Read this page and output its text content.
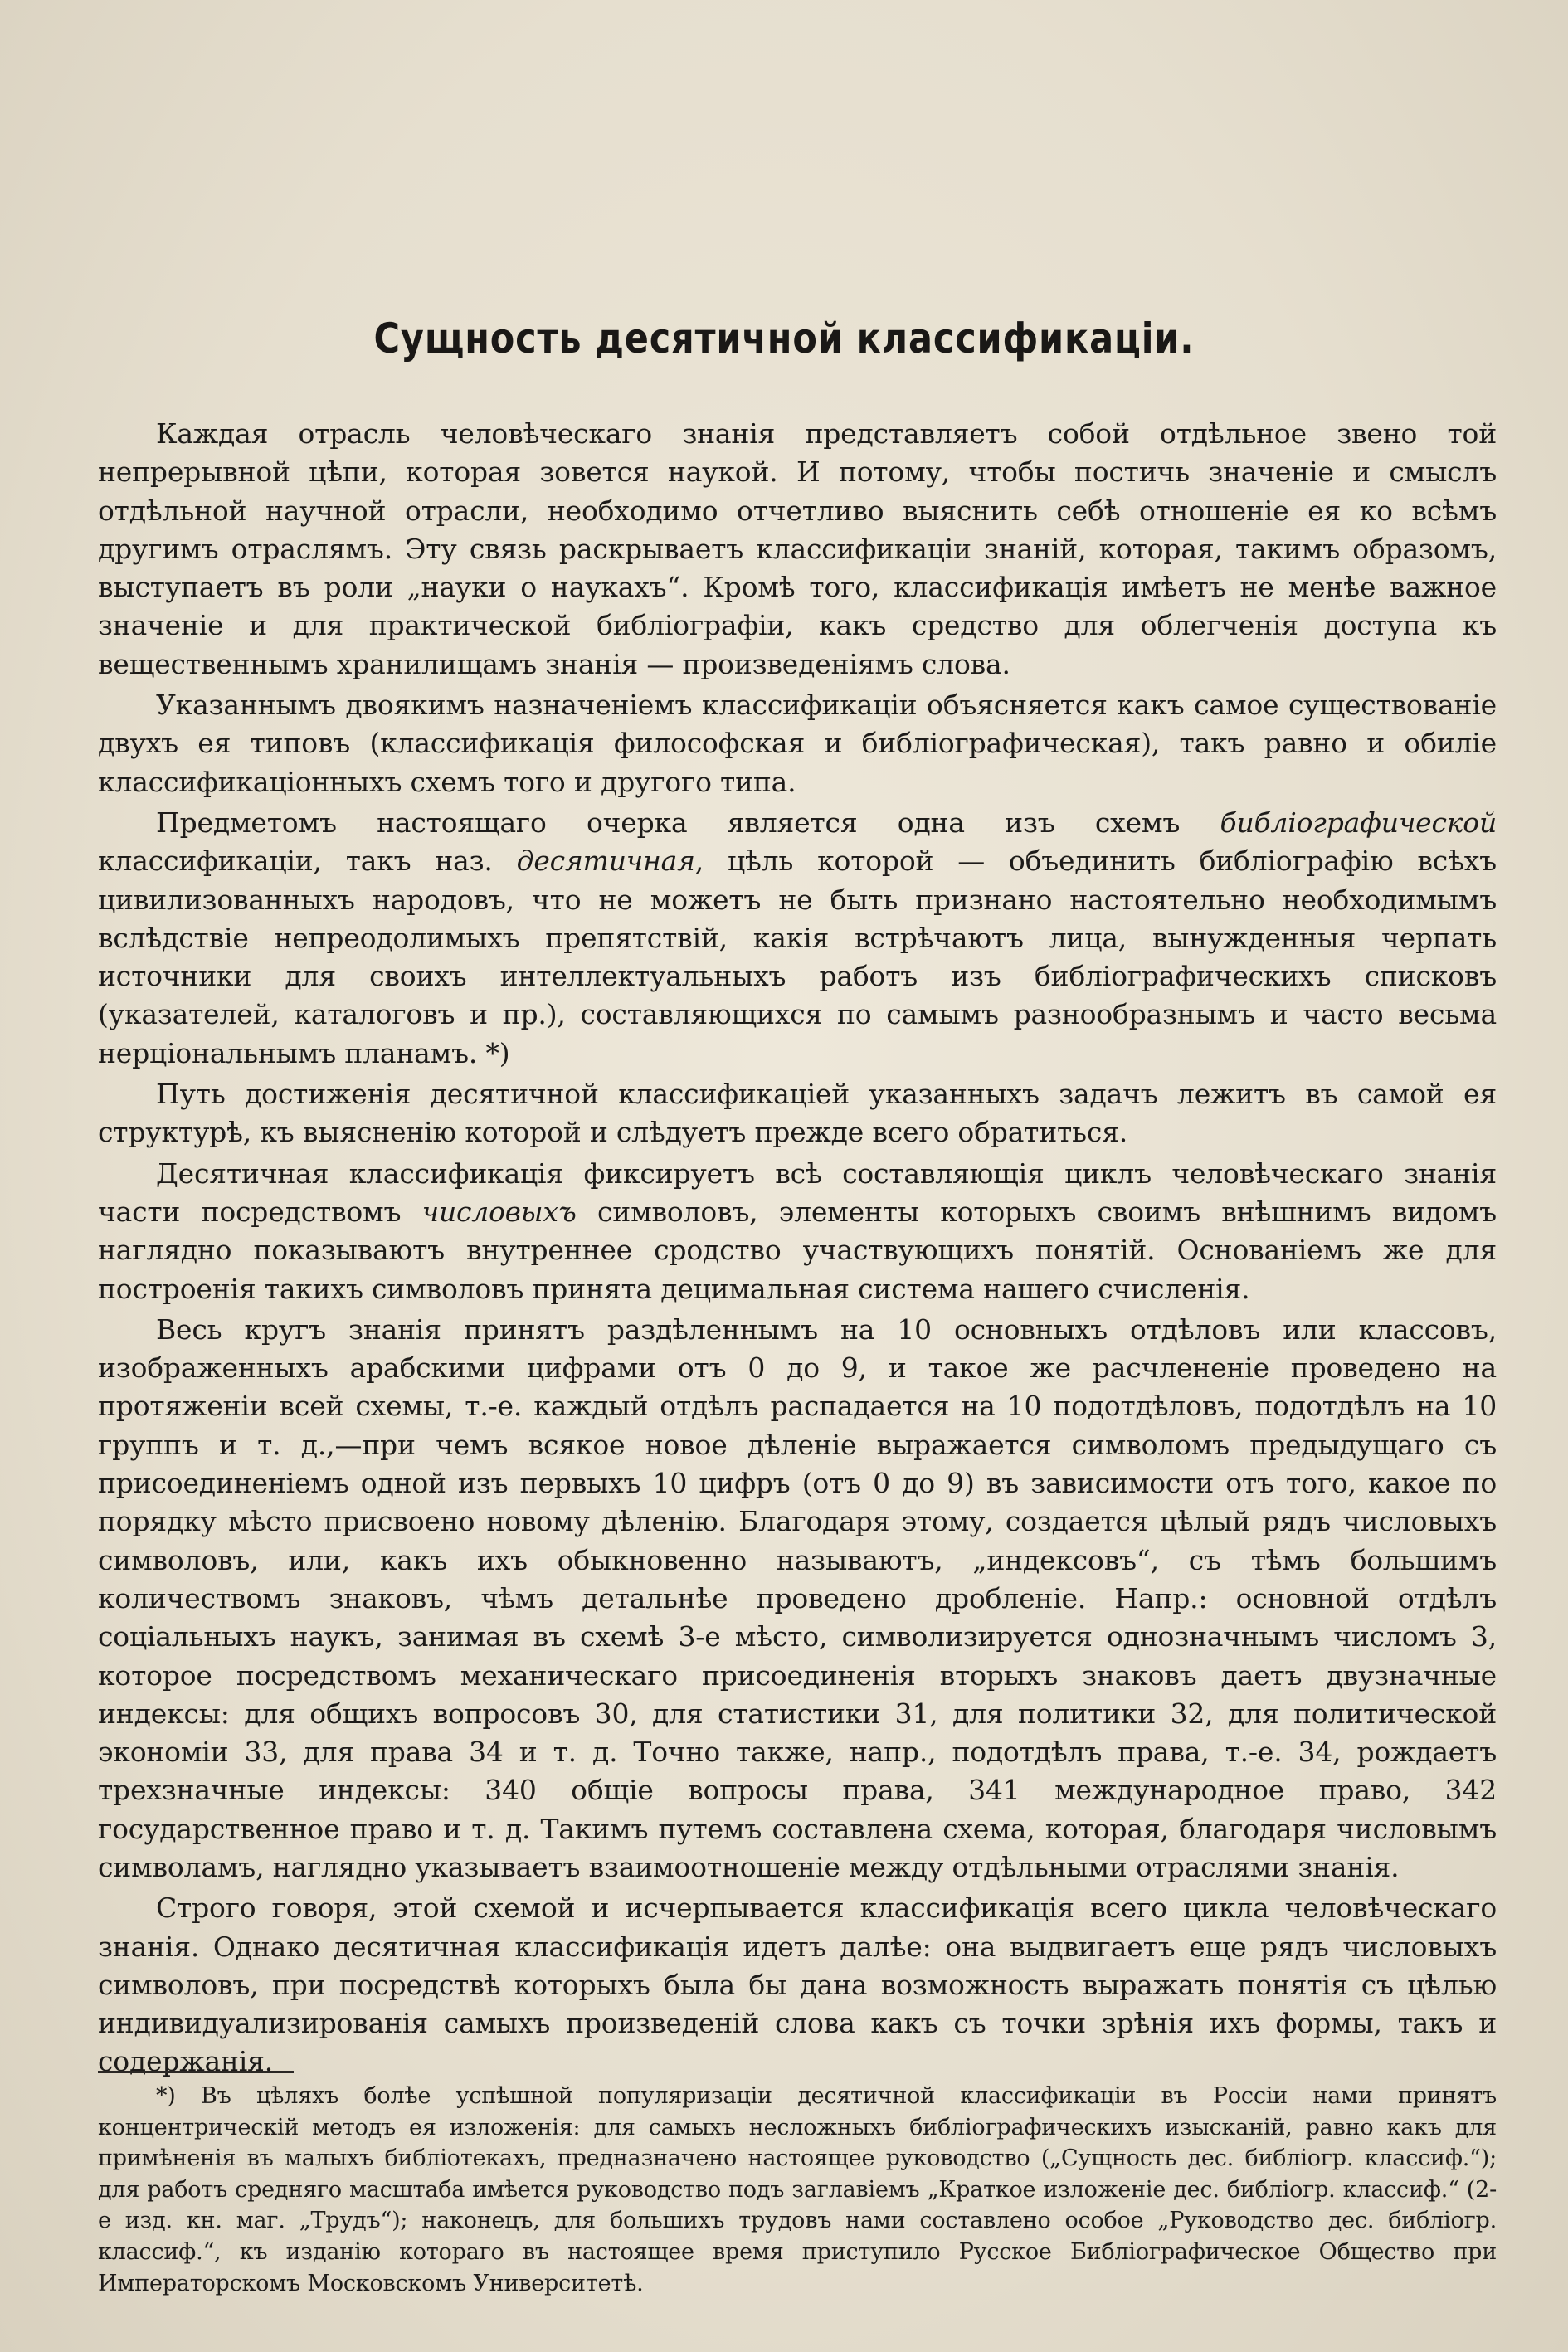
Сущность десятичной классификацiи.

Каждая отрасль человѣческаго знанія представляетъ собой отдѣльное звено той непрерывной цѣпи, которая зовется наукой. И потому, чтобы постичь значеніе и смыслъ отдѣльной научной отрасли, необходимо отчетливо выяснить себѣ отношеніе ея ко всѣмъ другимъ отраслямъ. Эту связь раскрываетъ классификаціи знаній, которая, такимъ образомъ, выступаетъ въ роли „науки о наукахъ“. Кромѣ того, классификація имѣетъ не менѣе важное значеніе и для практической библіографіи, какъ средство для облегченія доступа къ вещественнымъ хранилищамъ знанія — произведеніямъ слова.

Указаннымъ двоякимъ назначеніемъ классификаціи объясняется какъ самое существованіе двухъ ея типовъ (классификація философская и библіографическая), такъ равно и обиліе классификаціонныхъ схемъ того и другого типа.

Предметомъ настоящаго очерка является одна изъ схемъ библіографической классификаціи, такъ наз. десятичная, цѣль которой — объединить библіографію всѣхъ цивилизованныхъ народовъ, что не можетъ не быть признано настоятельно необходимымъ вслѣдствіе непреодолимыхъ препятствій, какія встрѣчаютъ лица, вынужденныя черпать источники для своихъ интеллектуальныхъ работъ изъ библіографическихъ списковъ (указателей, каталоговъ и пр.), составляющихся по самымъ разнообразнымъ и часто весьма нерціональнымъ планамъ. *)

Путь достиженія десятичной классификаціей указанныхъ задачъ лежитъ въ самой ея структурѣ, къ выясненію которой и слѣдуетъ прежде всего обратиться.

Десятичная классификація фиксируетъ всѣ составляющія циклъ человѣческаго знанія части посредствомъ числовыхъ символовъ, элементы которыхъ своимъ внѣшнимъ видомъ наглядно показываютъ внутреннее сродство участвующихъ понятій. Основаніемъ же для построенія такихъ символовъ принята децимальная система нашего счисленія.

Весь кругъ знанія принятъ раздѣленнымъ на 10 основныхъ отдѣловъ или классовъ, изображенныхъ арабскими цифрами отъ 0 до 9, и такое же расчлененіе проведено на протяженіи всей схемы, т.-е. каждый отдѣлъ распадается на 10 подотдѣловъ, подотдѣлъ на 10 группъ и т. д.,—при чемъ всякое новое дѣленіе выражается символомъ предыдущаго съ присоединеніемъ одной изъ первыхъ 10 цифръ (отъ 0 до 9) въ зависимости отъ того, какое по порядку мѣсто присвоено новому дѣленію. Благодаря этому, создается цѣлый рядъ числовыхъ символовъ, или, какъ ихъ обыкновенно называютъ, „индексовъ“, съ тѣмъ большимъ количествомъ знаковъ, чѣмъ детальнѣе проведено дробленіе. Напр.: основной отдѣлъ соціальныхъ наукъ, занимая въ схемѣ 3-е мѣсто, символизируется однозначнымъ числомъ 3, которое посредствомъ механическаго присоединенія вторыхъ знаковъ даетъ двузначные индексы: для общихъ вопросовъ 30, для статистики 31, для политики 32, для политической экономіи 33, для права 34 и т. д. Точно также, напр., подотдѣлъ права, т.-е. 34, рождаетъ трехзначные индексы: 340 общіе вопросы права, 341 международное право, 342 государственное право и т. д. Такимъ путемъ составлена схема, которая, благодаря числовымъ символамъ, наглядно указываетъ взаимоотношеніе между отдѣльными отраслями знанія.

Строго говоря, этой схемой и исчерпывается классификація всего цикла человѣческаго знанія. Однако десятичная классификація идетъ далѣе: она выдвигаетъ еще рядъ числовыхъ символовъ, при посредствѣ которыхъ была бы дана возможность выражать понятія съ цѣлью индивидуализированія самыхъ произведеній слова какъ съ точки зрѣнія ихъ формы, такъ и содержанія.

*) Въ цѣляхъ болѣе успѣшной популяризаціи десятичной классификаціи въ Россіи нами принятъ концентрическій методъ ея изложенія: для самыхъ несложныхъ библіографическихъ изысканій, равно какъ для примѣненія въ малыхъ библіотекахъ, предназначено настоящее руководство („Сущность дес. библіогр. классиф.“); для работъ средняго масштаба имѣется руководство подъ заглавіемъ „Краткое изложеніе дес. библіогр. классиф.“ (2-е изд. кн. маг. „Трудъ“); наконецъ, для большихъ трудовъ нами составлено особое „Руководство дес. библіогр. классиф.“, къ изданію котораго въ настоящее время приступило Русское Библіографическое Общество при Императорскомъ Московскомъ Университетѣ.
